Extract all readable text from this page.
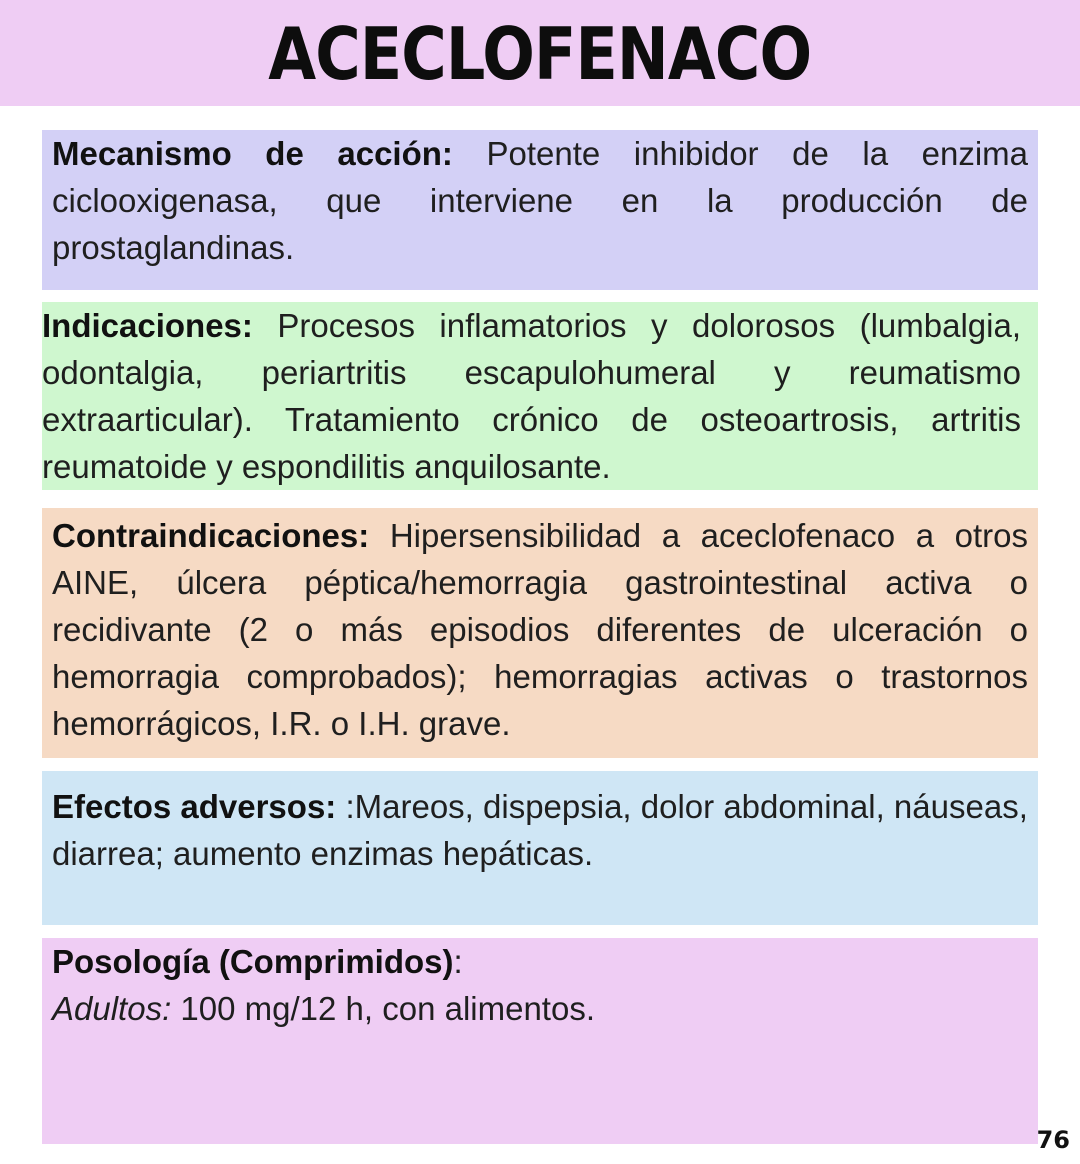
ACECLOFENACO
Mecanismo de acción: Potente inhibidor de la enzima ciclooxigenasa, que interviene en la producción de prostaglandinas.
Indicaciones: Procesos inflamatorios y dolorosos (lumbalgia, odontalgia, periartritis escapulohumeral y reumatismo extraarticular). Tratamiento crónico de osteoartrosis, artritis reumatoide y espondilitis anquilosante.
Contraindicaciones: Hipersensibilidad a aceclofenaco a otros AINE, úlcera péptica/hemorragia gastrointestinal activa o recidivante (2 o más episodios diferentes de ulceración o hemorragia comprobados); hemorragias activas o trastornos hemorrágicos, I.R. o I.H. grave.
Efectos adversos: :Mareos, dispepsia, dolor abdominal, náuseas, diarrea; aumento enzimas hepáticas.
Posología (Comprimidos):
Adultos: 100 mg/12 h, con alimentos.
76
